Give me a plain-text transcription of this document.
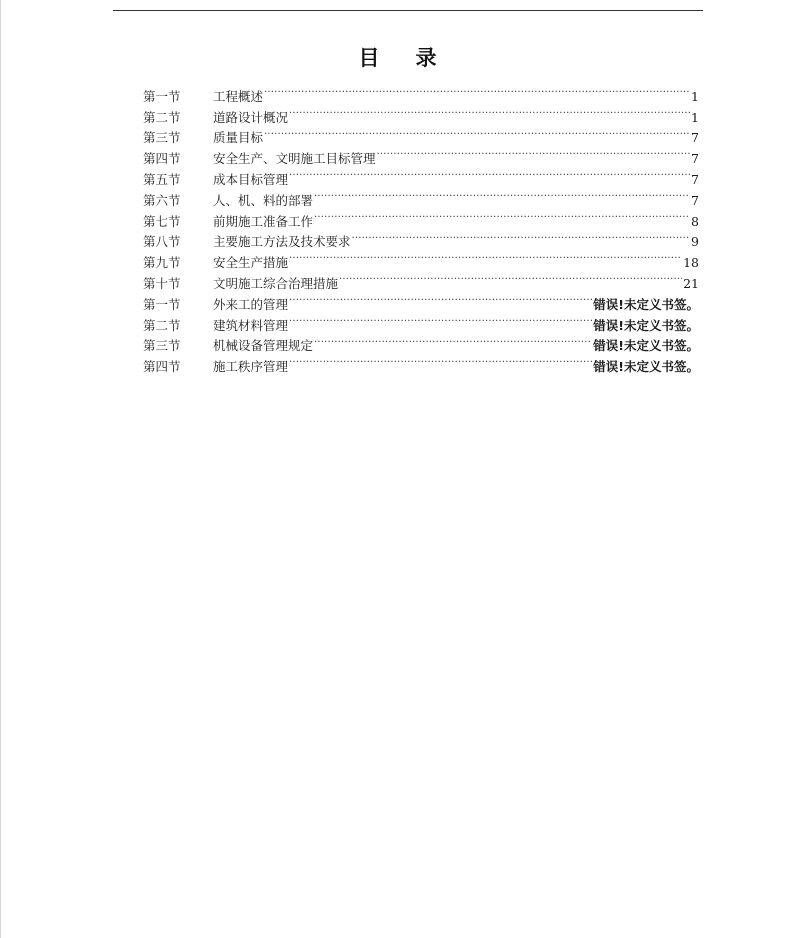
目 录
第一节	工程概述 .....	1
第二节	道路设计概况 .....	1
第三节	质量目标 .....	7
第四节	安全生产、文明施工目标管理 .....	7
第五节	成本目标管理 .....	7
第六节	人、机、料的部署 .....	7
第七节	前期施工准备工作 .....	8
第八节	主要施工方法及技术要求 .....	9
第九节	安全生产措施 .....	18
第十节	文明施工综合治理措施 .....	21
第一节	外来工的管理 .....	错误!未定义书签。
第二节	建筑材料管理 .....	错误!未定义书签。
第三节	机械设备管理规定 .....	错误!未定义书签。
第四节	施工秩序管理 .....	错误!未定义书签。
